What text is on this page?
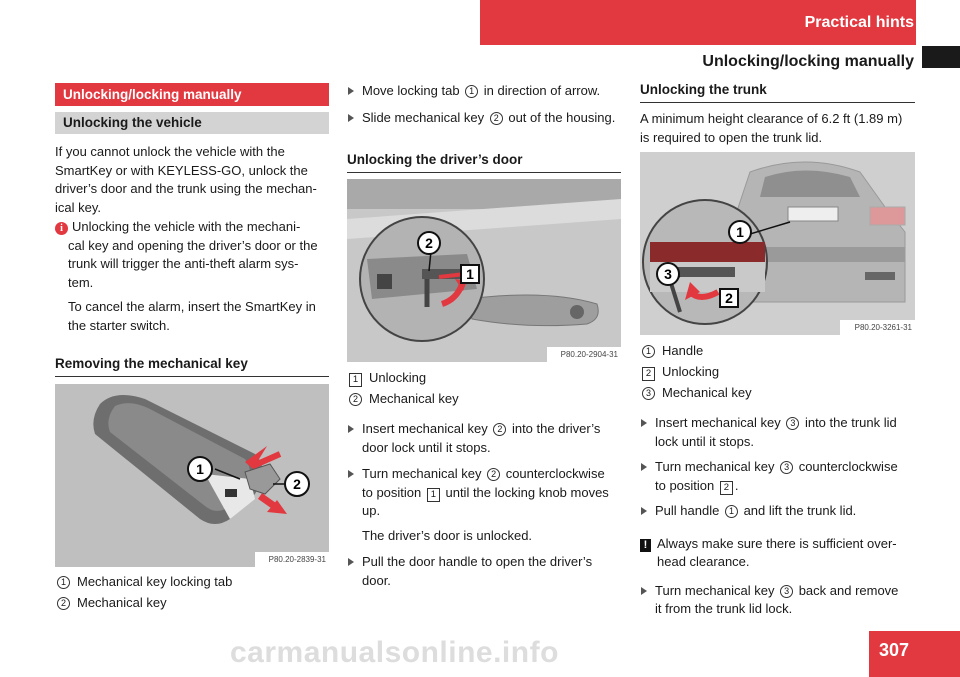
Practical hints
Unlocking/locking manually
Unlocking/locking manually
Unlocking the vehicle
If you cannot unlock the vehicle with the
SmartKey or with KEYLESS-GO, unlock the
driver’s door and the trunk using the mechan-
ical key.
i Unlocking the vehicle with the mechani-
cal key and opening the driver’s door or the
trunk will trigger the anti-theft alarm sys-
tem.
To cancel the alarm, insert the SmartKey in
the starter switch.
Removing the mechanical key
1
2
P80.20-2839-31
1 Mechanical key locking tab
2 Mechanical key
Move locking tab 1 in direction of arrow.
Slide mechanical key 2 out of the housing.
Unlocking the driver’s door
2
1
P80.20-2904-31
1 Unlocking
2 Mechanical key
Insert mechanical key 2 into the driver’s
door lock until it stops.
Turn mechanical key 2 counterclockwise
to position 1 until the locking knob moves
up.
The driver’s door is unlocked.
Pull the door handle to open the driver’s
door.
Unlocking the trunk
A minimum height clearance of 6.2 ft (1.89 m)
is required to open the trunk lid.
1
3
2
P80.20-3261-31
1 Handle
2 Unlocking
3 Mechanical key
Insert mechanical key 3 into the trunk lid
lock until it stops.
Turn mechanical key 3 counterclockwise
to position 2 .
Pull handle 1 and lift the trunk lid.
! Always make sure there is sufficient over-
head clearance.
Turn mechanical key 3 back and remove
it from the trunk lid lock.
carmanualsonline.info	307
